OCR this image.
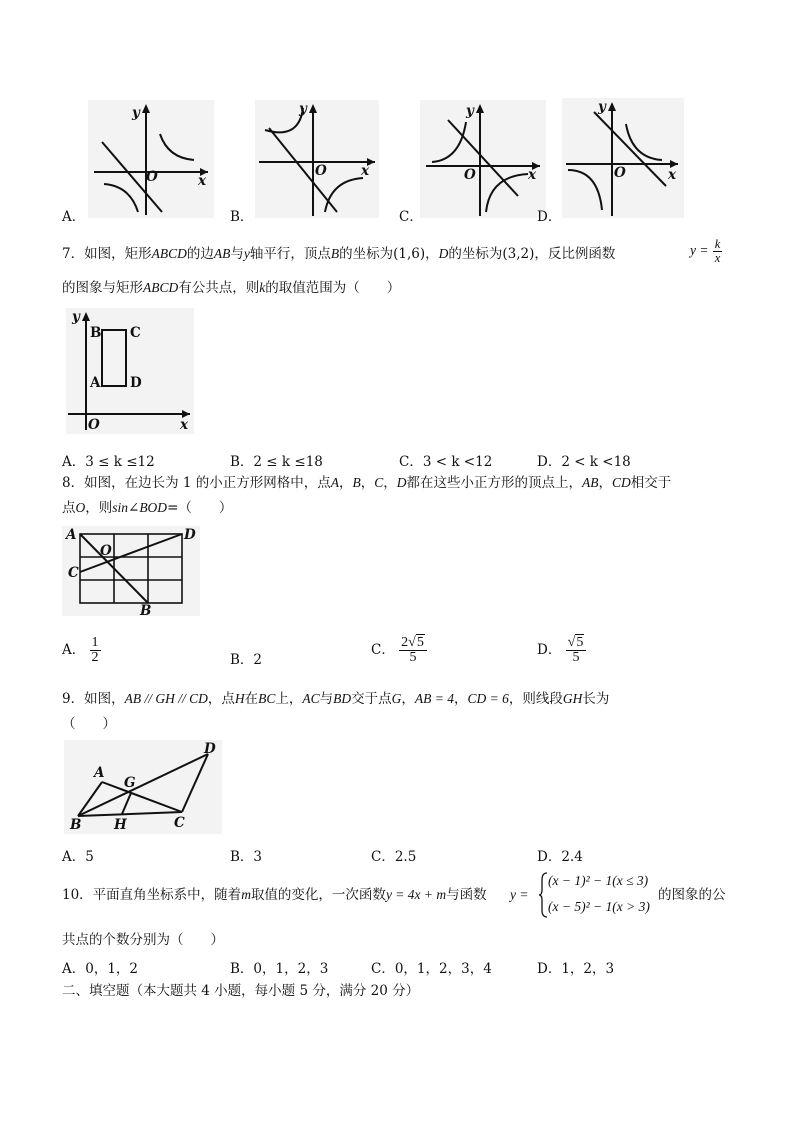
y
x
O
A．
y
x
O
B．
y
x
O
C．
y
x
O
D．
7．如图，矩形ABCD的边AB与y轴平行，顶点B的坐标为(1,6)，D的坐标为(3,2)，反比例函数	$y = \frac{k}{x}$
的图象与矩形ABCD有公共点，则k的取值范围为（　　）
y
x
O
B C
A D
A．3 ≤ k ≤12	B．2 ≤ k ≤18	C．3 < k <12	D．2 < k <18
8．如图，在边长为 1 的小正方形网格中，点A，B，C，D都在这些小正方形的顶点上，AB，CD相交于
点O，则sin∠BOD=（　　）
A	D
O
C
B
A． $\frac{1}{2}$	B．2
C． $\frac{2√5}{5}$	D． $\frac{√5}{5}$
9．如图，AB // GH // CD，点H在BC上，AC与BD交于点G，AB = 4，CD = 6，则线段GH长为
（　　）
A
G
D
B H	C
A．5	B．3	C．2.5	D．2.4
10．平面直角坐标系中，随着m取值的变化，一次函数y = 4x + m与函数 y =
(x − 1)² − 1(x ≤ 3)
(x − 5)² − 1(x > 3)
的图象的公
共点的个数分别为（　　）
A．0，1，2	B．0，1，2，3	C．0，1，2，3，4	D．1，2，3
二、填空题（本大题共 4 小题，每小题 5 分，满分 20 分）
